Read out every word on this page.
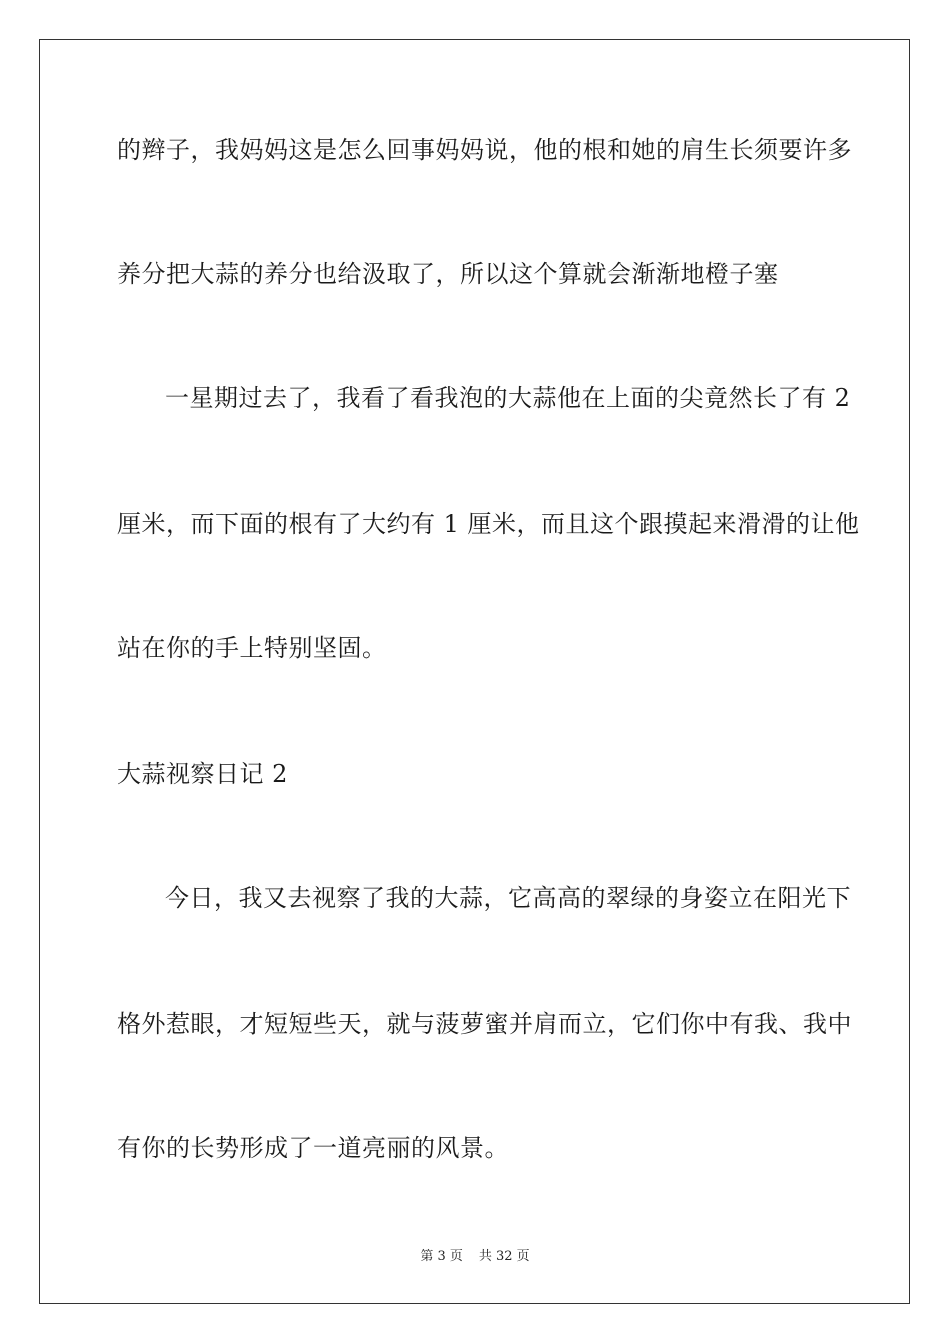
的辫子，我妈妈这是怎么回事妈妈说，他的根和她的肩生长须要许多
养分把大蒜的养分也给汲取了，所以这个算就会渐渐地橙子塞
一星期过去了，我看了看我泡的大蒜他在上面的尖竟然长了有 2
厘米，而下面的根有了大约有 1 厘米，而且这个跟摸起来滑滑的让他
站在你的手上特别坚固。
大蒜视察日记 2
今日，我又去视察了我的大蒜，它高高的翠绿的身姿立在阳光下
格外惹眼，才短短些天，就与菠萝蜜并肩而立，它们你中有我、我中
有你的长势形成了一道亮丽的风景。
第 3 页 共 32 页
